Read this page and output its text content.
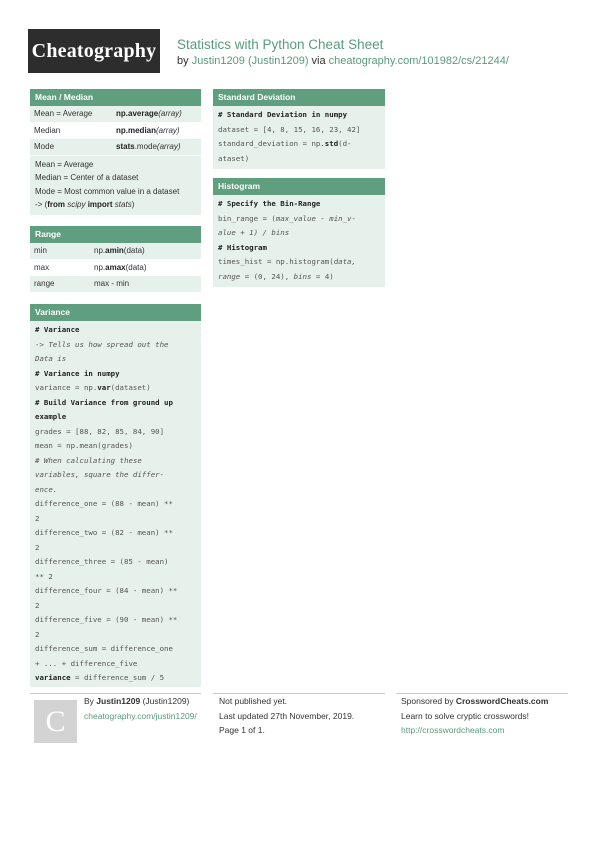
Cheatography Statistics with Python Cheat Sheet
by Justin1209 (Justin1209) via cheatography.com/101982/cs/21244/
Mean / Median
Mean = Average	np.average(array)
Median	np.median(array)
Mode	stats.mode(array)
Mean = Average
Median = Center of a dataset
Mode = Most common value in a dataset
-> (from scipy import stats)
Range
min	np.amin(data)
max	np.amax(data)
range	max - min
Variance
# Variance
-> Tells us how spread out the
Data is
# Variance in numpy
variance = np.var(dataset)
# Build Variance from ground up
example
grades = [88, 82, 85, 84, 90]
mean = np.mean(grades)
# When calculating these
variables, square the differ-
ence.
difference_one = (88 - mean) **
2
difference_two = (82 - mean) **
2
difference_three = (85 - mean)
** 2
difference_four = (84 - mean) **
2
difference_five = (90 - mean) **
2
difference_sum = difference_one
+ ... + difference_five
variance = difference_sum / 5
Standard Deviation
# Standard Deviation in numpy
dataset = [4, 8, 15, 16, 23, 42]
standard_deviation = np.std(d-
ataset)
Histogram
# Specify the Bin-Range
bin_range = (max_value - min_v-
alue + 1) / bins
# Histogram
times_hist = np.histogram(data,
range = (0, 24), bins = 4)
C
By Justin1209 (Justin1209)
cheatography.com/justin1209/
Not published yet.
Last updated 27th November, 2019.
Page 1 of 1.
Sponsored by CrosswordCheats.com
Learn to solve cryptic crosswords!
http://crosswordcheats.com
